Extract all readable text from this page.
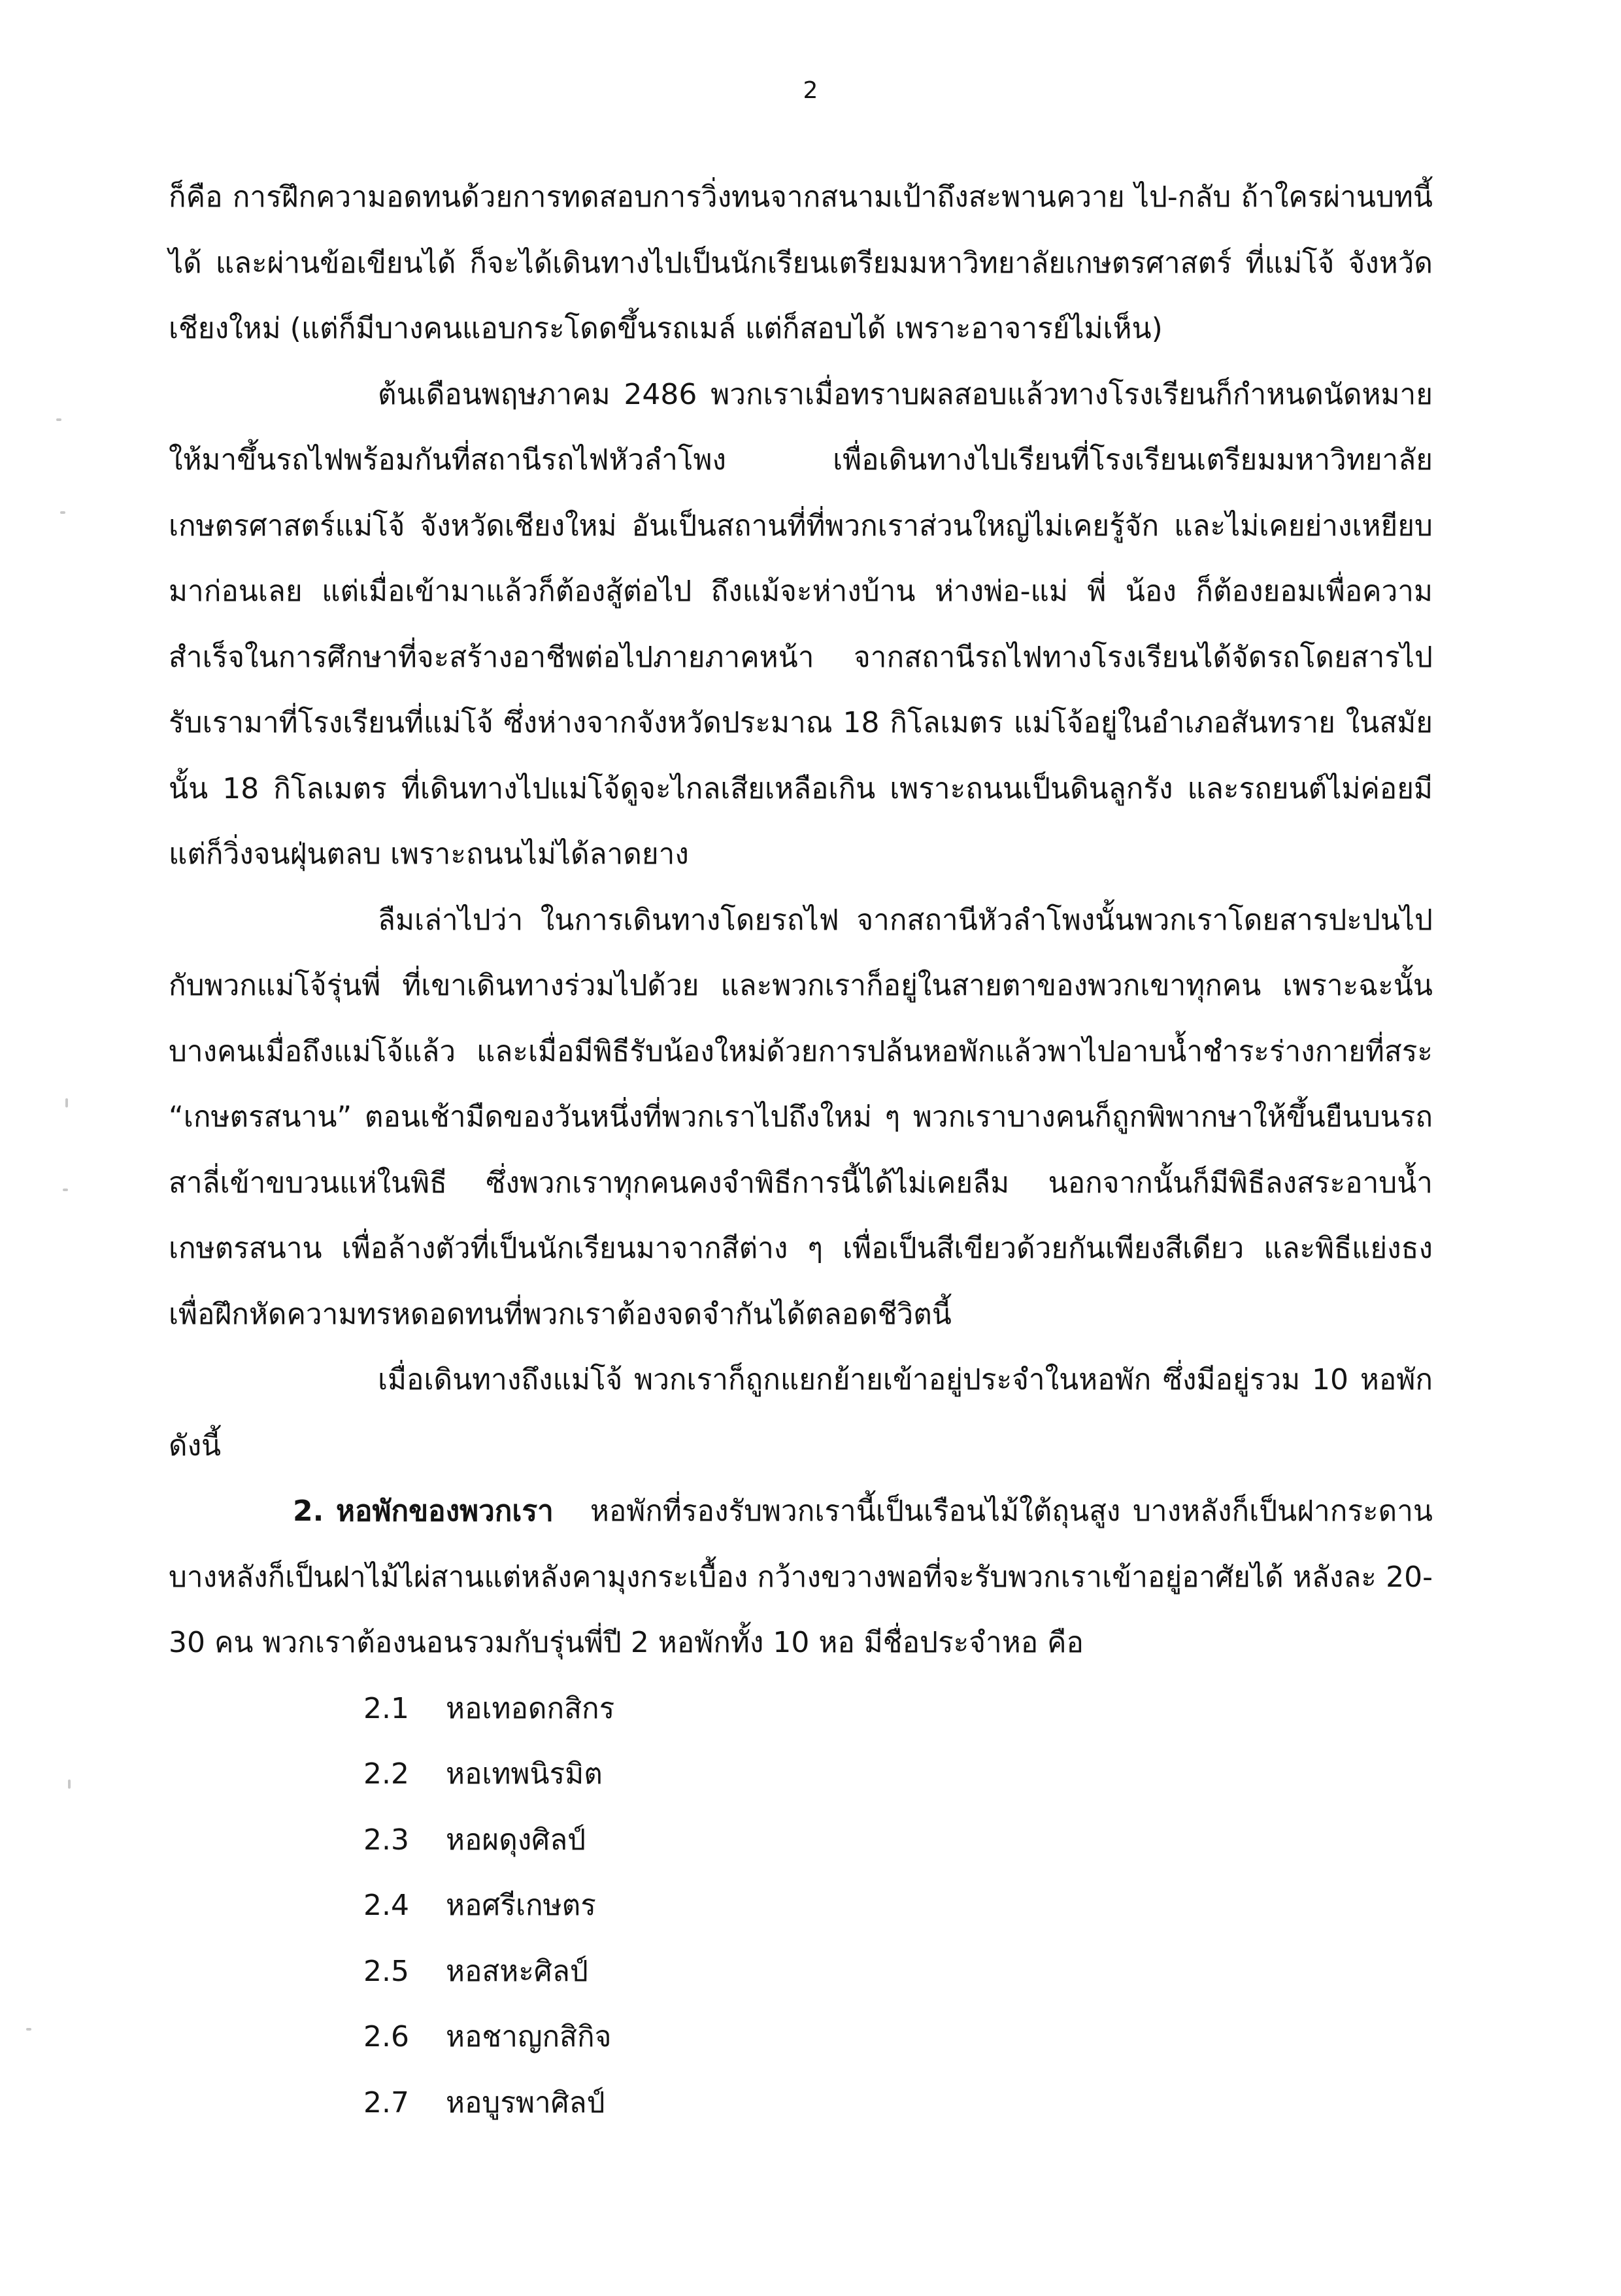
2

ก็คือ การฝึกความอดทนด้วยการทดสอบการวิ่งทนจากสนามเป้าถึงสะพานควาย ไป-กลับ ถ้าใครผ่านบทนี้ได้ และผ่านข้อเขียนได้ ก็จะได้เดินทางไปเป็นนักเรียนเตรียมมหาวิทยาลัยเกษตรศาสตร์ ที่แม่โจ้ จังหวัดเชียงใหม่ (แต่ก็มีบางคนแอบกระโดดขึ้นรถเมล์ แต่ก็สอบได้ เพราะอาจารย์ไม่เห็น)

ต้นเดือนพฤษภาคม 2486 พวกเราเมื่อทราบผลสอบแล้วทางโรงเรียนก็กำหนดนัดหมายให้มาขึ้นรถไฟพร้อมกันที่สถานีรถไฟหัวลำโพง เพื่อเดินทางไปเรียนที่โรงเรียนเตรียมมหาวิทยาลัยเกษตรศาสตร์แม่โจ้ จังหวัดเชียงใหม่ อันเป็นสถานที่ที่พวกเราส่วนใหญ่ไม่เคยรู้จัก และไม่เคยย่างเหยียบมาก่อนเลย แต่เมื่อเข้ามาแล้วก็ต้องสู้ต่อไป ถึงแม้จะห่างบ้าน ห่างพ่อ-แม่ พี่ น้อง ก็ต้องยอมเพื่อความสำเร็จในการศึกษาที่จะสร้างอาชีพต่อไปภายภาคหน้า จากสถานีรถไฟทางโรงเรียนได้จัดรถโดยสารไปรับเรามาที่โรงเรียนที่แม่โจ้ ซึ่งห่างจากจังหวัดประมาณ 18 กิโลเมตร แม่โจ้อยู่ในอำเภอสันทราย ในสมัยนั้น 18 กิโลเมตร ที่เดินทางไปแม่โจ้ดูจะไกลเสียเหลือเกิน เพราะถนนเป็นดินลูกรัง และรถยนต์ไม่ค่อยมี แต่ก็วิ่งจนฝุ่นตลบ เพราะถนนไม่ได้ลาดยาง

ลืมเล่าไปว่า ในการเดินทางโดยรถไฟ จากสถานีหัวลำโพงนั้นพวกเราโดยสารปะปนไปกับพวกแม่โจ้รุ่นพี่ ที่เขาเดินทางร่วมไปด้วย และพวกเราก็อยู่ในสายตาของพวกเขาทุกคน เพราะฉะนั้นบางคนเมื่อถึงแม่โจ้แล้ว และเมื่อมีพิธีรับน้องใหม่ด้วยการปล้นหอพักแล้วพาไปอาบน้ำชำระร่างกายที่สระ “เกษตรสนาน” ตอนเช้ามืดของวันหนึ่งที่พวกเราไปถึงใหม่ ๆ พวกเราบางคนก็ถูกพิพากษาให้ขึ้นยืนบนรถสาลี่เข้าขบวนแห่ในพิธี ซึ่งพวกเราทุกคนคงจำพิธีการนี้ได้ไม่เคยลืม นอกจากนั้นก็มีพิธีลงสระอาบน้ำเกษตรสนาน เพื่อล้างตัวที่เป็นนักเรียนมาจากสีต่าง ๆ เพื่อเป็นสีเขียวด้วยกันเพียงสีเดียว และพิธีแย่งธงเพื่อฝึกหัดความทรหดอดทนที่พวกเราต้องจดจำกันได้ตลอดชีวิตนี้

เมื่อเดินทางถึงแม่โจ้ พวกเราก็ถูกแยกย้ายเข้าอยู่ประจำในหอพัก ซึ่งมีอยู่รวม 10 หอพัก ดังนี้

2. หอพักของพวกเรา หอพักที่รองรับพวกเรานี้เป็นเรือนไม้ใต้ถุนสูง บางหลังก็เป็นฝากระดาน บางหลังก็เป็นฝาไม้ไผ่สานแต่หลังคามุงกระเบื้อง กว้างขวางพอที่จะรับพวกเราเข้าอยู่อาศัยได้ หลังละ 20-30 คน พวกเราต้องนอนรวมกับรุ่นพี่ปี 2 หอพักทั้ง 10 หอ มีชื่อประจำหอ คือ

2.1	หอเทอดกสิกร
2.2	หอเทพนิรมิต
2.3	หอผดุงศิลป์
2.4	หอศรีเกษตร
2.5	หอสหะศิลป์
2.6	หอชาญกสิกิจ
2.7	หอบูรพาศิลป์
